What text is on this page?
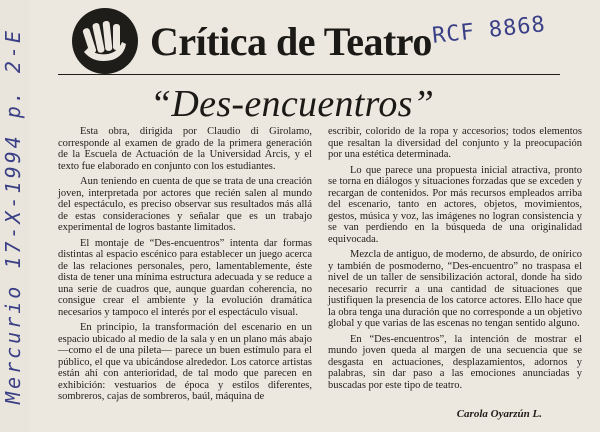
Mercurio 17-X-1994 p. 2-E	Crítica de Teatro RCF 8868
“Des-encuentros”

Esta obra, dirigida por Claudio di Girolamo, corresponde al examen de grado de la primera generación de la Escuela de Actuación de la Universidad Arcis, y el texto fue elaborado en conjunto con los estudiantes.

Aun teniendo en cuenta de que se trata de una creación joven, interpretada por actores que recién salen al mundo del espectáculo, es preciso observar sus resultados más allá de estas consideraciones y señalar que es un trabajo experimental de logros bastante limitados.

El montaje de “Des-encuentros” intenta dar formas distintas al espacio escénico para establecer un juego acerca de las relaciones personales, pero, lamentablemente, éste dista de tener una mínima estructura adecuada y se reduce a una serie de cuadros que, aunque guardan coherencia, no consigue crear el ambiente y la evolución dramática necesarios y tampoco el interés por el espectáculo visual.

En principio, la transformación del escenario en un espacio ubicado al medio de la sala y en un plano más abajo —como el de una pileta— parece un buen estímulo para el público, el que va ubicándose alrededor. Los catorce artistas están ahí con anterioridad, de tal modo que parecen en exhibición: vestuarios de época y estilos diferentes, sombreros, cajas de sombreros, baúl, máquina de

escribir, colorido de la ropa y accesorios; todos elementos que resaltan la diversidad del conjunto y la preocupación por una estética determinada.

Lo que parece una propuesta inicial atractiva, pronto se torna en diálogos y situaciones forzadas que se exceden y recargan de contenidos. Por más recursos empleados arriba del escenario, tanto en actores, objetos, movimientos, gestos, música y voz, las imágenes no logran consistencia y se van perdiendo en la búsqueda de una originalidad equivocada.

Mezcla de antiguo, de moderno, de absurdo, de onírico y también de posmoderno, “Des-encuentro” no traspasa el nivel de un taller de sensibilización actoral, donde ha sido necesario recurrir a una cantidad de situaciones que justifiquen la presencia de los catorce actores. Ello hace que la obra tenga una duración que no corresponde a un objetivo global y que varias de las escenas no tengan sentido alguno.

En “Des-encuentros”, la intención de mostrar el mundo joven queda al margen de una secuencia que se desgasta en actuaciones, desplazamientos, adornos y palabras, sin dar paso a las emociones anunciadas y buscadas por este tipo de teatro.

Carola Oyarzún L.
